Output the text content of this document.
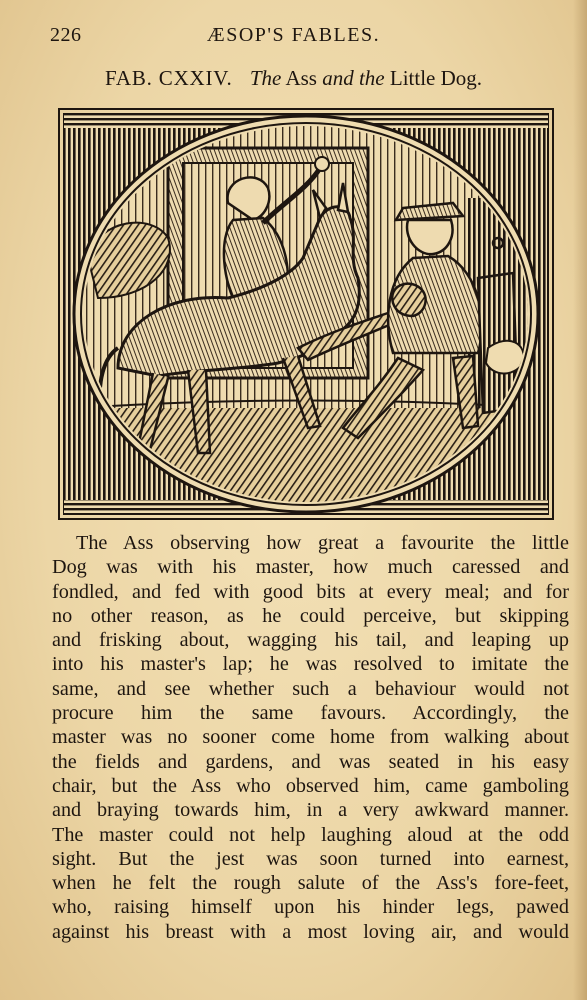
226	ÆSOP'S FABLES.
FAB. CXXIV. The Ass and the Little Dog.
The Ass observing how great a favourite the little
Dog was with his master, how much caressed and
fondled, and fed with good bits at every meal; and for
no other reason, as he could perceive, but skipping
and frisking about, wagging his tail, and leaping up
into his master's lap; he was resolved to imitate the
same, and see whether such a behaviour would not
procure him the same favours. Accordingly, the
master was no sooner come home from walking about
the fields and gardens, and was seated in his easy
chair, but the Ass who observed him, came gamboling
and braying towards him, in a very awkward manner.
The master could not help laughing aloud at the odd
sight. But the jest was soon turned into earnest,
when he felt the rough salute of the Ass's fore-feet,
who, raising himself upon his hinder legs, pawed
against his breast with a most loving air, and would
